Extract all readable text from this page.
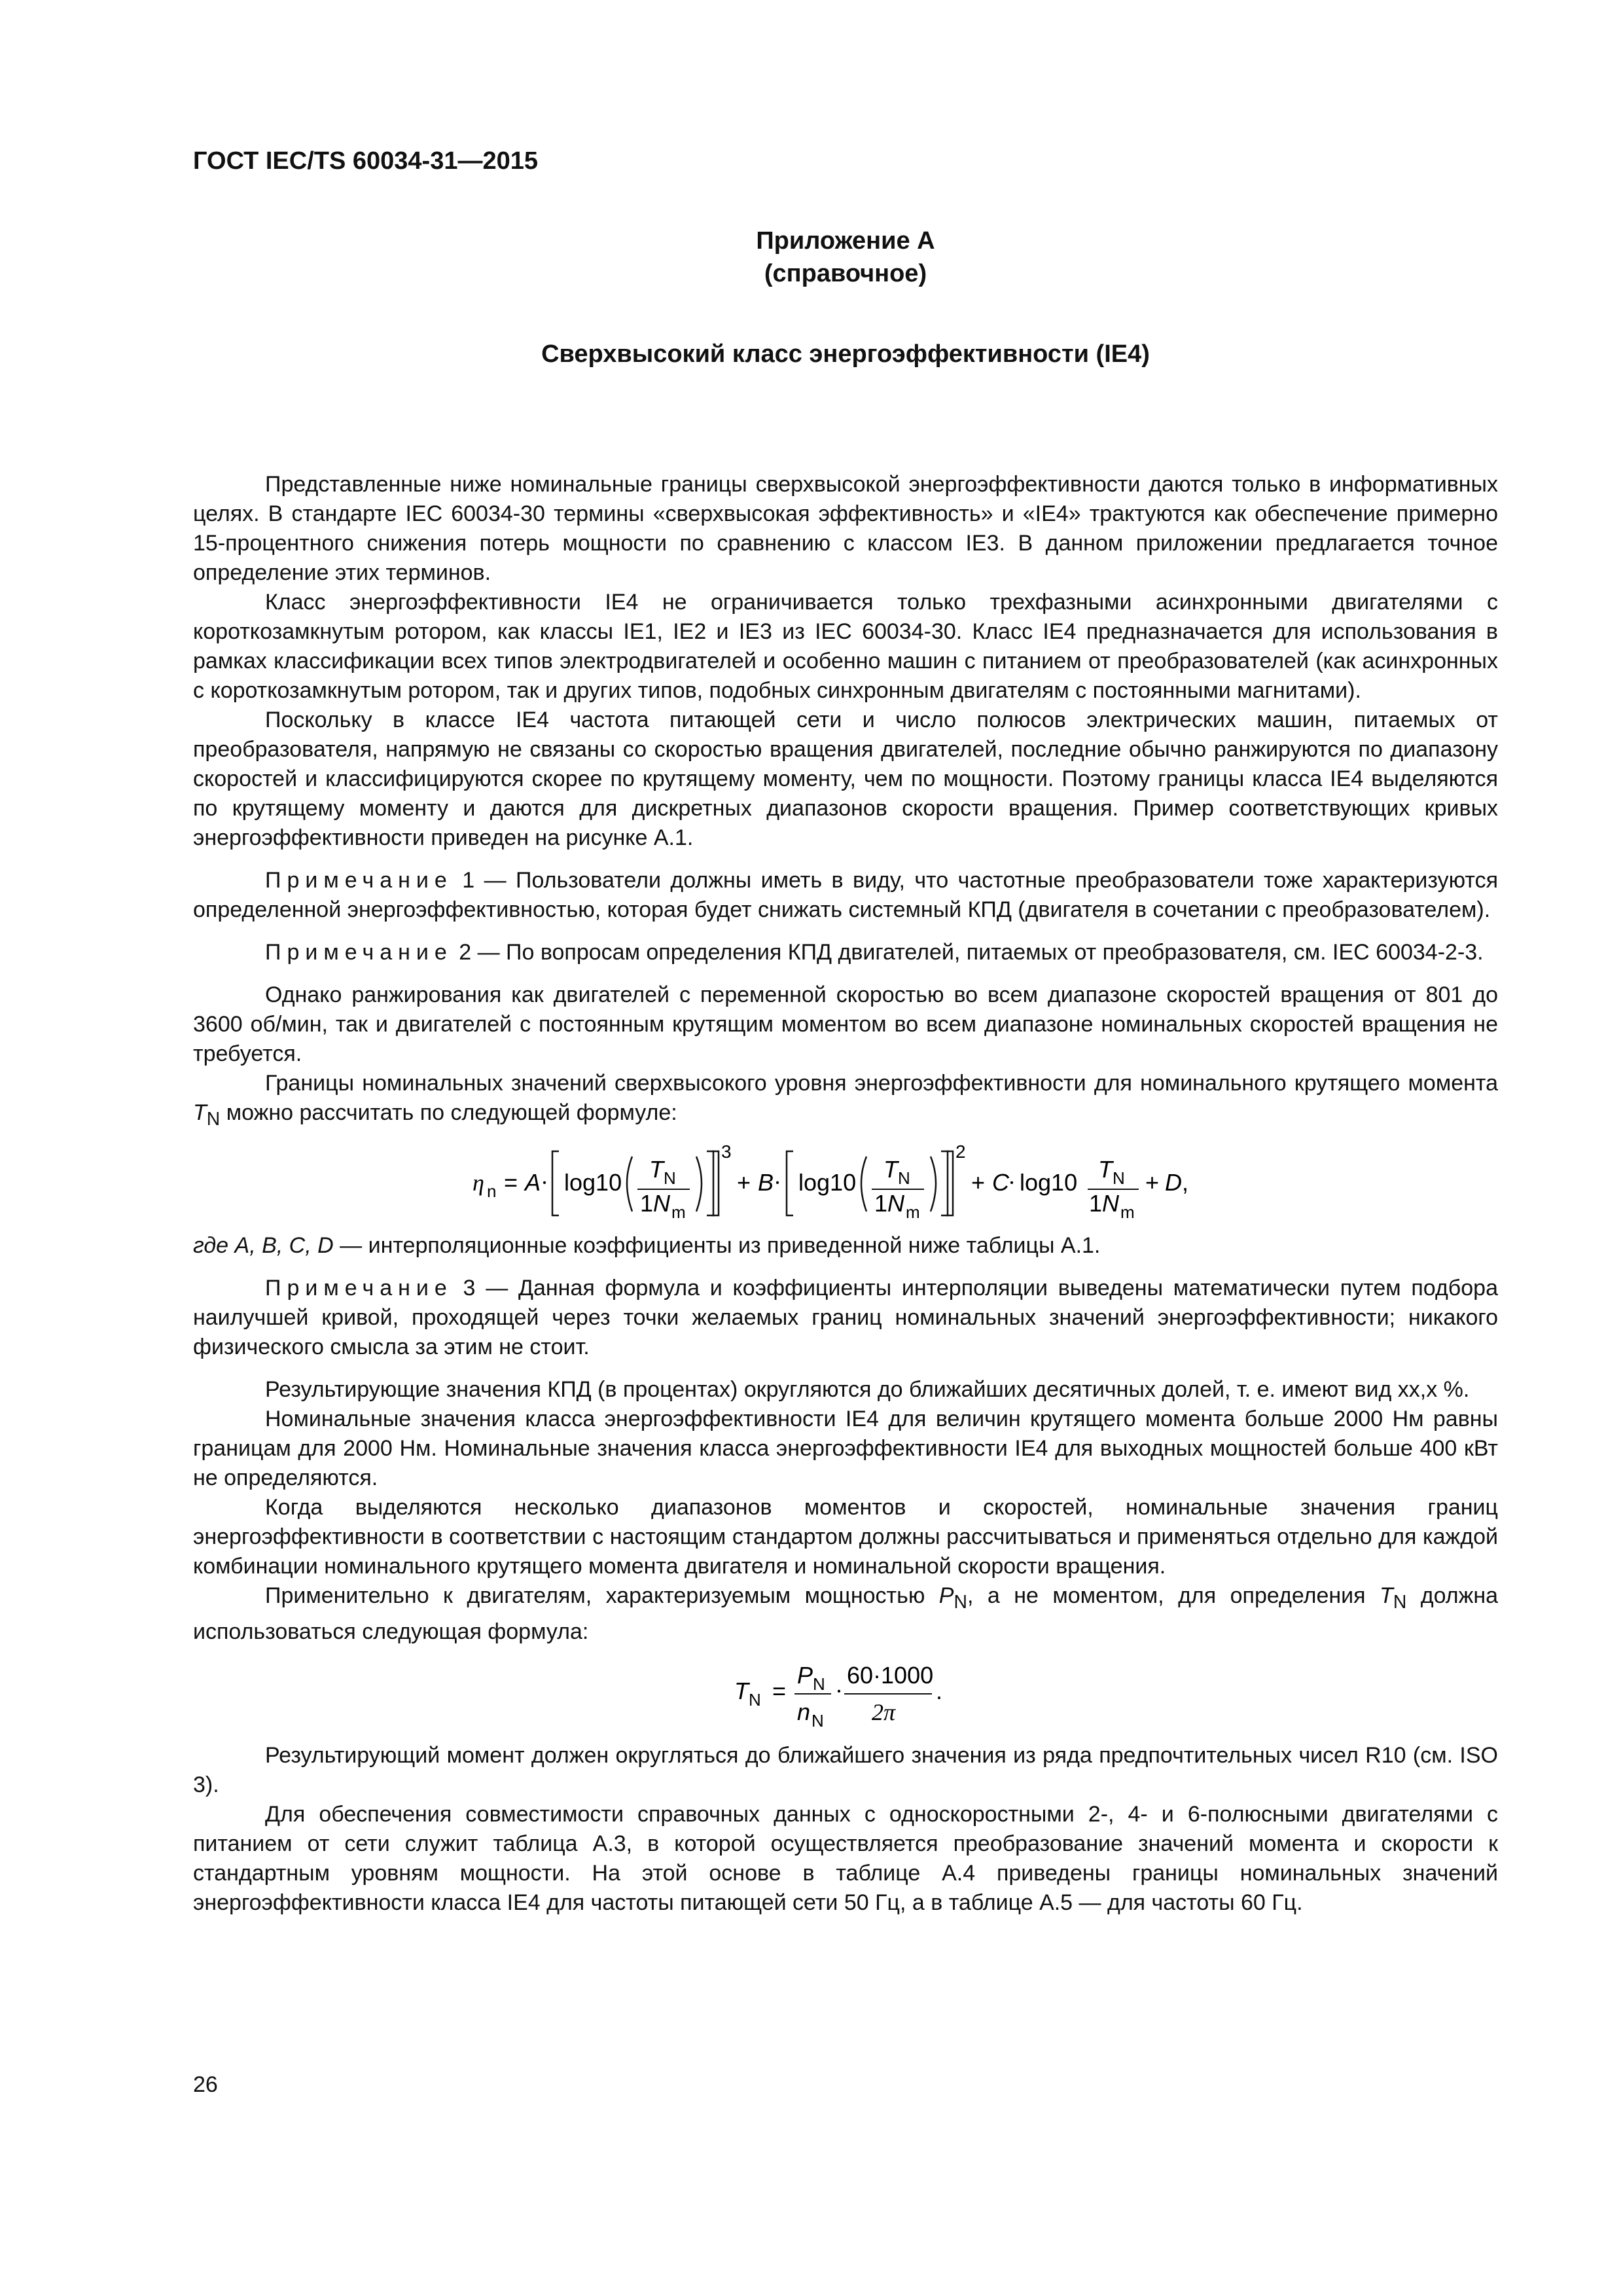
ГОСТ IEC/TS 60034-31—2015
Приложение А
(справочное)
Сверхвысокий класс энергоэффективности (IE4)

Представленные ниже номинальные границы сверхвысокой энергоэффективности даются только в информативных целях. В стандарте IEC 60034-30 термины «сверхвысокая эффективность» и «IE4» трактуются как обеспечение примерно 15-процентного снижения потерь мощности по сравнению с классом IE3. В данном приложении предлагается точное определение этих терминов.

Класс энергоэффективности IE4 не ограничивается только трехфазными асинхронными двигателями с короткозамкнутым ротором, как классы IE1, IE2 и IE3 из IEC 60034-30. Класс IE4 предназначается для использования в рамках классификации всех типов электродвигателей и особенно машин с питанием от преобразователей (как асинхронных с короткозамкнутым ротором, так и других типов, подобных синхронным двигателям с постоянными магнитами).

Поскольку в классе IE4 частота питающей сети и число полюсов электрических машин, питаемых от преобразователя, напрямую не связаны со скоростью вращения двигателей, последние обычно ранжируются по диапазону скоростей и классифицируются скорее по крутящему моменту, чем по мощности. Поэтому границы класса IE4 выделяются по крутящему моменту и даются для дискретных диапазонов скорости вращения. Пример соответствующих кривых энергоэффективности приведен на рисунке А.1.

Примечание 1 — Пользователи должны иметь в виду, что частотные преобразователи тоже характеризуются определенной энергоэффективностью, которая будет снижать системный КПД (двигателя в сочетании с преобразователем).

Примечание 2 — По вопросам определения КПД двигателей, питаемых от преобразователя, см. IEC 60034-2-3.

Однако ранжирования как двигателей с переменной скоростью во всем диапазоне скоростей вращения от 801 до 3600 об/мин, так и двигателей с постоянным крутящим моментом во всем диапазоне номинальных скоростей вращения не требуется.

Границы номинальных значений сверхвысокого уровня энергоэффективности для номинального крутящего момента $T_N$ можно рассчитать по следующей формуле:

η n = A · log10 T N
1 N m
3
+ B · log10 T N
1 N m
2
+ C
· log10 T N
1 N m
+ D ,

где A, B, C, D — интерполяционные коэффициенты из приведенной ниже таблицы А.1.

Примечание 3 — Данная формула и коэффициенты интерполяции выведены математически путем подбора наилучшей кривой, проходящей через точки желаемых границ номинальных значений энергоэффективности; никакого физического смысла за этим не стоит.

Результирующие значения КПД (в процентах) округляются до ближайших десятичных долей, т. е. имеют вид xx,x %.

Номинальные значения класса энергоэффективности IE4 для величин крутящего момента больше 2000 Нм равны границам для 2000 Нм. Номинальные значения класса энергоэффективности IE4 для выходных мощностей больше 400 кВт не определяются.

Когда выделяются несколько диапазонов моментов и скоростей, номинальные значения границ энергоэффективности в соответствии с настоящим стандартом должны рассчитываться и применяться отдельно для каждой комбинации номинального крутящего момента двигателя и номинальной скорости вращения.

Применительно к двигателям, характеризуемым мощностью $P_N$, а не моментом, для определения $T_N$ должна использоваться следующая формула:

T N =
P N
n N
·
60·1000
2π
.

Результирующий момент должен округляться до ближайшего значения из ряда предпочтительных чисел R10 (см. ISO 3).

Для обеспечения совместимости справочных данных с односкоростными 2-, 4- и 6-полюсными двигателями с питанием от сети служит таблица А.3, в которой осуществляется преобразование значений момента и скорости к стандартным уровням мощности. На этой основе в таблице А.4 приведены границы номинальных значений энергоэффективности класса IE4 для частоты питающей сети 50 Гц, а в таблице А.5 — для частоты 60 Гц.

26
